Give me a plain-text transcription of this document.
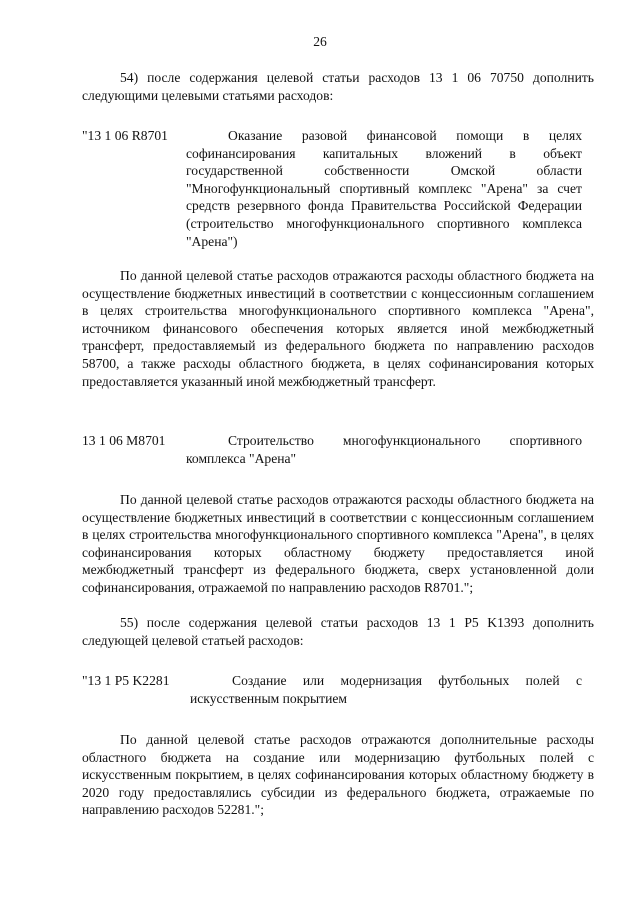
26
54) после содержания целевой статьи расходов 13 1 06 70750 дополнить следующими целевыми статьями расходов:
"13 1 06 R8701	Оказание разовой финансовой помощи в целях софинансирования капитальных вложений в объект государственной собственности Омской области "Многофункциональный спортивный комплекс "Арена" за счет средств резервного фонда Правительства Российской Федерации (строительство многофункционального спортивного комплекса "Арена")
По данной целевой статье расходов отражаются расходы областного бюджета на осуществление бюджетных инвестиций в соответствии с концессионным соглашением в целях строительства многофункционального спортивного комплекса "Арена", источником финансового обеспечения которых является иной межбюджетный трансферт, предоставляемый из федерального бюджета по направлению расходов 58700, а также расходы областного бюджета, в целях софинансирования которых предоставляется указанный иной межбюджетный трансферт.
13 1 06 M8701	Строительство многофункционального спортивного комплекса "Арена"
По данной целевой статье расходов отражаются расходы областного бюджета на осуществление бюджетных инвестиций в соответствии с концессионным соглашением в целях строительства многофункционального спортивного комплекса "Арена", в целях софинансирования которых областному бюджету предоставляется иной межбюджетный трансферт из федерального бюджета, сверх установленной доли софинансирования, отражаемой по направлению расходов R8701.";
55) после содержания целевой статьи расходов 13 1 P5 K1393 дополнить следующей целевой статьей расходов:
"13 1 P5 K2281	Создание или модернизация футбольных полей с искусственным покрытием
По данной целевой статье расходов отражаются дополнительные расходы областного бюджета на создание или модернизацию футбольных полей с искусственным покрытием, в целях софинансирования которых областному бюджету в 2020 году предоставлялись субсидии из федерального бюджета, отражаемые по направлению расходов 52281.";
